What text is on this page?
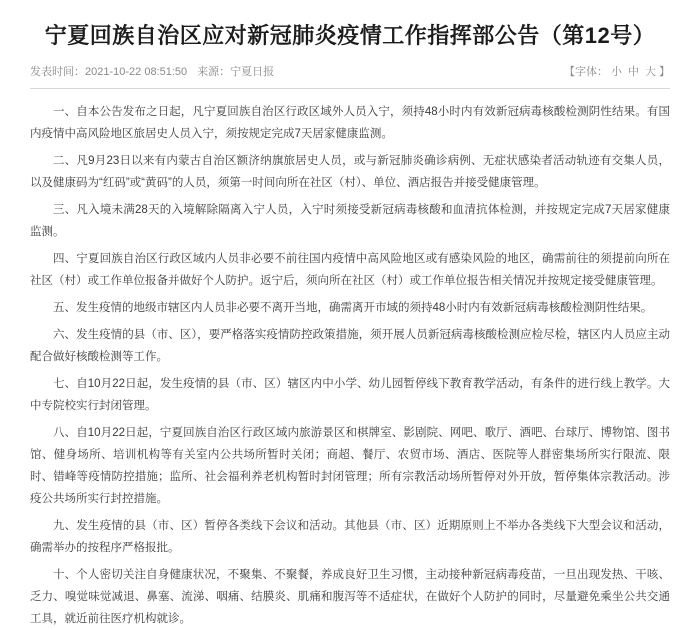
宁夏回族自治区应对新冠肺炎疫情工作指挥部公告（第12号）
发表时间：2021-10-22 08:51:50 来源：宁夏日报	【字体： 小 中 大 】

一、自本公告发布之日起，凡宁夏回族自治区行政区域外人员入宁，须持48小时内有效新冠病毒核酸检测阴性结果。有国内疫情中高风险地区旅居史人员入宁，须按规定完成7天居家健康监测。

二、凡9月23日以来有内蒙古自治区额济纳旗旅居史人员，或与新冠肺炎确诊病例、无症状感染者活动轨迹有交集人员，以及健康码为“红码”或“黄码”的人员，须第一时间向所在社区（村）、单位、酒店报告并接受健康管理。

三、凡入境未满28天的入境解除隔离入宁人员，入宁时须接受新冠病毒核酸和血清抗体检测，并按规定完成7天居家健康监测。

四、宁夏回族自治区行政区域内人员非必要不前往国内疫情中高风险地区或有感染风险的地区，确需前往的须提前向所在社区（村）或工作单位报备并做好个人防护。返宁后，须向所在社区（村）或工作单位报告相关情况并按规定接受健康管理。

五、发生疫情的地级市辖区内人员非必要不离开当地，确需离开市域的须持48小时内有效新冠病毒核酸检测阴性结果。

六、发生疫情的县（市、区），要严格落实疫情防控政策措施，须开展人员新冠病毒核酸检测应检尽检，辖区内人员应主动配合做好核酸检测等工作。

七、自10月22日起，发生疫情的县（市、区）辖区内中小学、幼儿园暂停线下教育教学活动，有条件的进行线上教学。大中专院校实行封闭管理。

八、自10月22日起，宁夏回族自治区行政区域内旅游景区和棋牌室、影剧院、网吧、歌厅、酒吧、台球厅、博物馆、图书馆、健身场所、培训机构等有关室内公共场所暂时关闭；商超、餐厅、农贸市场、酒店、医院等人群密集场所实行限流、限时、错峰等疫情防控措施；监所、社会福利养老机构暂时封闭管理；所有宗教活动场所暂停对外开放，暂停集体宗教活动。涉疫公共场所实行封控措施。

九、发生疫情的县（市、区）暂停各类线下会议和活动。其他县（市、区）近期原则上不举办各类线下大型会议和活动，确需举办的按程序严格报批。

十、个人密切关注自身健康状况，不聚集、不聚餐，养成良好卫生习惯，主动接种新冠病毒疫苗，一旦出现发热、干咳、乏力、嗅觉味觉减退、鼻塞、流涕、咽痛、结膜炎、肌痛和腹泻等不适症状，在做好个人防护的同时，尽量避免乘坐公共交通工具，就近前往医疗机构就诊。
